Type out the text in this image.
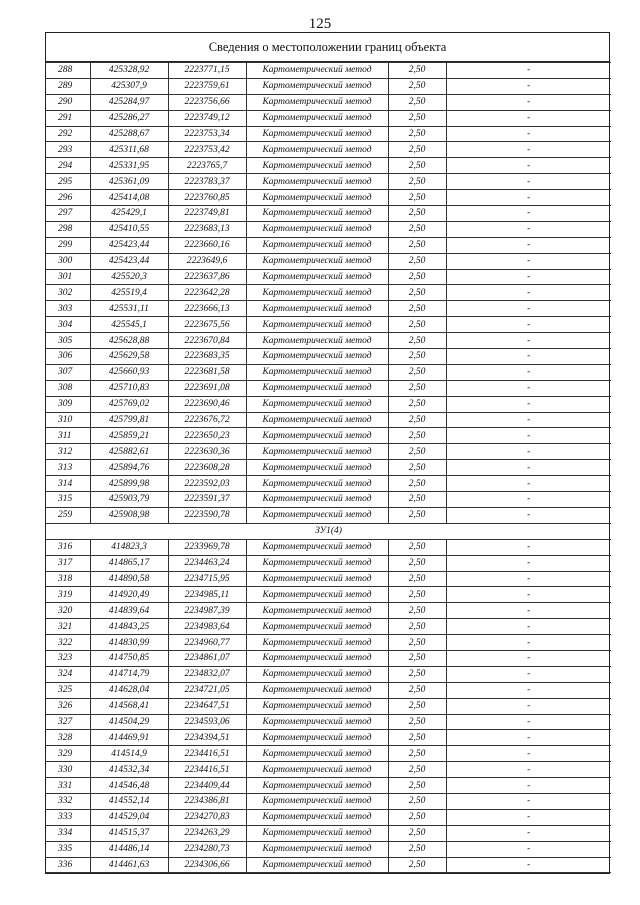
125
Сведения о местоположении границ объекта
288	425328,92	2223771,15	Картометрический метод	2,50	-
289	425307,9	2223759,61	Картометрический метод	2,50	-
290	425284,97	2223756,66	Картометрический метод	2,50	-
291	425286,27	2223749,12	Картометрический метод	2,50	-
292	425288,67	2223753,34	Картометрический метод	2,50	-
293	425311,68	2223753,42	Картометрический метод	2,50	-
294	425331,95	2223765,7	Картометрический метод	2,50	-
295	425361,09	2223783,37	Картометрический метод	2,50	-
296	425414,08	2223760,85	Картометрический метод	2,50	-
297	425429,1	2223749,81	Картометрический метод	2,50	-
298	425410,55	2223683,13	Картометрический метод	2,50	-
299	425423,44	2223660,16	Картометрический метод	2,50	-
300	425423,44	2223649,6	Картометрический метод	2,50	-
301	425520,3	2223637,86	Картометрический метод	2,50	-
302	425519,4	2223642,28	Картометрический метод	2,50	-
303	425531,11	2223666,13	Картометрический метод	2,50	-
304	425545,1	2223675,56	Картометрический метод	2,50	-
305	425628,88	2223670,84	Картометрический метод	2,50	-
306	425629,58	2223683,35	Картометрический метод	2,50	-
307	425660,93	2223681,58	Картометрический метод	2,50	-
308	425710,83	2223691,08	Картометрический метод	2,50	-
309	425769,02	2223690,46	Картометрический метод	2,50	-
310	425799,81	2223676,72	Картометрический метод	2,50	-
311	425859,21	2223650,23	Картометрический метод	2,50	-
312	425882,61	2223630,36	Картометрический метод	2,50	-
313	425894,76	2223608,28	Картометрический метод	2,50	-
314	425899,98	2223592,03	Картометрический метод	2,50	-
315	425903,79	2223591,37	Картометрический метод	2,50	-
259	425908,98	2223590,78	Картометрический метод	2,50	-
ЗУ1(4)					
316	414823,3	2233969,78	Картометрический метод	2,50	-
317	414865,17	2234463,24	Картометрический метод	2,50	-
318	414890,58	2234715,95	Картометрический метод	2,50	-
319	414920,49	2234985,11	Картометрический метод	2,50	-
320	414839,64	2234987,39	Картометрический метод	2,50	-
321	414843,25	2234983,64	Картометрический метод	2,50	-
322	414830,99	2234960,77	Картометрический метод	2,50	-
323	414750,85	2234861,07	Картометрический метод	2,50	-
324	414714,79	2234832,07	Картометрический метод	2,50	-
325	414628,04	2234721,05	Картометрический метод	2,50	-
326	414568,41	2234647,51	Картометрический метод	2,50	-
327	414504,29	2234593,06	Картометрический метод	2,50	-
328	414469,91	2234394,51	Картометрический метод	2,50	-
329	414514,9	2234416,51	Картометрический метод	2,50	-
330	414532,34	2234416,51	Картометрический метод	2,50	-
331	414546,48	2234409,44	Картометрический метод	2,50	-
332	414552,14	2234386,81	Картометрический метод	2,50	-
333	414529,04	2234270,83	Картометрический метод	2,50	-
334	414515,37	2234263,29	Картометрический метод	2,50	-
335	414486,14	2234280,73	Картометрический метод	2,50	-
336	414461,63	2234306,66	Картометрический метод	2,50	-
